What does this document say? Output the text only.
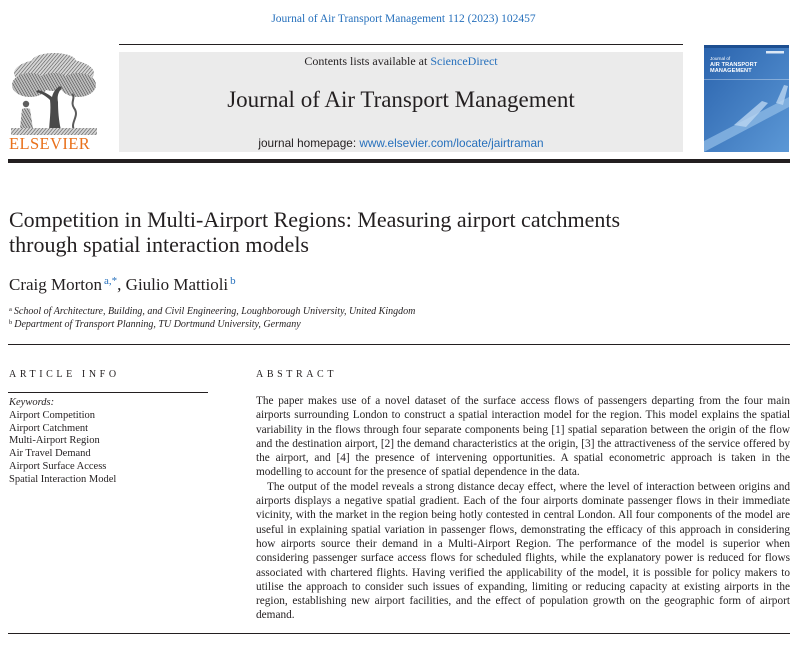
Journal of Air Transport Management 112 (2023) 102457
ELSEVIER
Contents lists available at ScienceDirect
Journal of Air Transport Management
journal homepage: www.elsevier.com/locate/jairtraman
Journal of
AIR TRANSPORT
MANAGEMENT
Competition in Multi-Airport Regions: Measuring airport catchments through spatial interaction models
Craig Morton $^{a,*}$, Giulio Mattioli $^b$
$^a$ School of Architecture, Building, and Civil Engineering, Loughborough University, United Kingdom
$^b$ Department of Transport Planning, TU Dortmund University, Germany
ARTICLE INFO
Keywords:
Airport Competition
Airport Catchment
Multi-Airport Region
Air Travel Demand
Airport Surface Access
Spatial Interaction Model
ABSTRACT

The paper makes use of a novel dataset of the surface access flows of passengers departing from the four main airports surrounding London to construct a spatial interaction model for the region. This model explains the spatial variability in the flows through four separate components being [1] spatial separation between the origin of the flow and the destination airport, [2] the demand characteristics at the origin, [3] the attractiveness of the service offered by the airport, and [4] the presence of intervening opportunities. A spatial econometric approach is taken in the modelling to account for the presence of spatial dependence in the data.

The output of the model reveals a strong distance decay effect, where the level of interaction between origins and airports displays a negative spatial gradient. Each of the four airports dominate passenger flows in their immediate vicinity, with the market in the region being hotly contested in central London. All four components of the model are useful in explaining spatial variation in passenger flows, demonstrating the efficacy of this approach in considering how airports source their demand in a Multi-Airport Region. The performance of the model is superior when considering passenger surface access flows for scheduled flights, while the explanatory power is reduced for flows associated with chartered flights. Having verified the applicability of the model, it is possible for policy makers to utilise the approach to consider such issues of expanding, limiting or reducing capacity at existing airports in the region, establishing new airport facilities, and the effect of population growth on the geographic form of airport demand.
